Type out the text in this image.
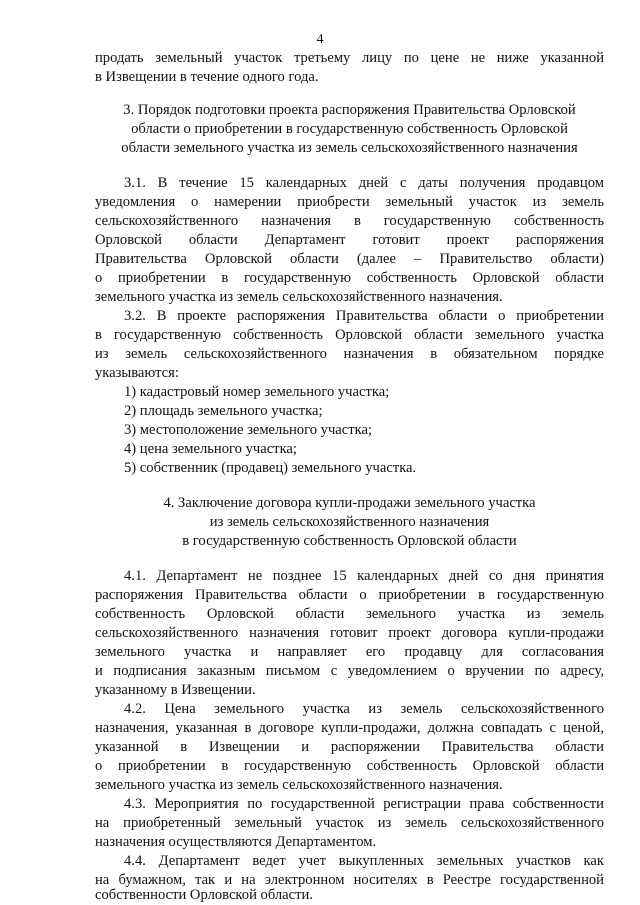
4
продать земельный участок третьему лицу по цене не ниже указанной
в Извещении в течение одного года.
3. Порядок подготовки проекта распоряжения Правительства Орловской
области о приобретении в государственную собственность Орловской
области земельного участка из земель сельскохозяйственного назначения
3.1. В течение 15 календарных дней с даты получения продавцом
уведомления о намерении приобрести земельный участок из земель
сельскохозяйственного назначения в государственную собственность
Орловской области Департамент готовит проект распоряжения
Правительства Орловской области (далее – Правительство области)
о приобретении в государственную собственность Орловской области
земельного участка из земель сельскохозяйственного назначения.
3.2. В проекте распоряжения Правительства области о приобретении
в государственную собственность Орловской области земельного участка
из земель сельскохозяйственного назначения в обязательном порядке
указываются:
1) кадастровый номер земельного участка;
2) площадь земельного участка;
3) местоположение земельного участка;
4) цена земельного участка;
5) собственник (продавец) земельного участка.
4. Заключение договора купли-продажи земельного участка
из земель сельскохозяйственного назначения
в государственную собственность Орловской области
4.1. Департамент не позднее 15 календарных дней со дня принятия
распоряжения Правительства области о приобретении в государственную
собственность Орловской области земельного участка из земель
сельскохозяйственного назначения готовит проект договора купли-продажи
земельного участка и направляет его продавцу для согласования
и подписания заказным письмом с уведомлением о вручении по адресу,
указанному в Извещении.
4.2. Цена земельного участка из земель сельскохозяйственного
назначения, указанная в договоре купли-продажи, должна совпадать с ценой,
указанной в Извещении и распоряжении Правительства области
о приобретении в государственную собственность Орловской области
земельного участка из земель сельскохозяйственного назначения.
4.3. Мероприятия по государственной регистрации права собственности
на приобретенный земельный участок из земель сельскохозяйственного
назначения осуществляются Департаментом.
4.4. Департамент ведет учет выкупленных земельных участков как
на бумажном, так и на электронном носителях в Реестре государственной
собственности Орловской области.
